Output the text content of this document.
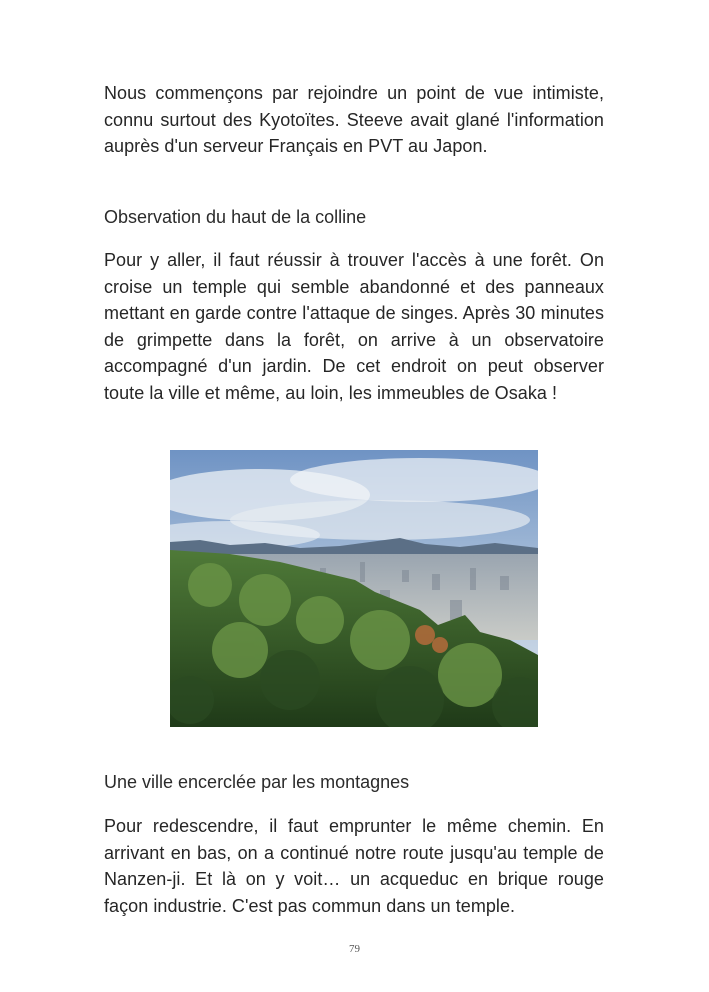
Nous commençons par rejoindre un point de vue intimiste, connu surtout des Kyotoïtes. Steeve avait glané l'information auprès d'un serveur Français en PVT au Japon.

Observation du haut de la colline

Pour y aller, il faut réussir à trouver l'accès à une forêt. On croise un temple qui semble abandonné et des panneaux mettant en garde contre l'attaque de singes. Après 30 minutes de grimpette dans la forêt, on arrive à un observatoire accompagné d'un jardin. De cet endroit on peut observer toute la ville et même, au loin, les immeubles de Osaka !

Une ville encerclée par les montagnes

Pour redescendre, il faut emprunter le même chemin. En arrivant en bas, on a continué notre route jusqu'au temple de Nanzen-ji. Et là on y voit… un acqueduc en brique rouge façon industrie. C'est pas commun dans un temple.

79
